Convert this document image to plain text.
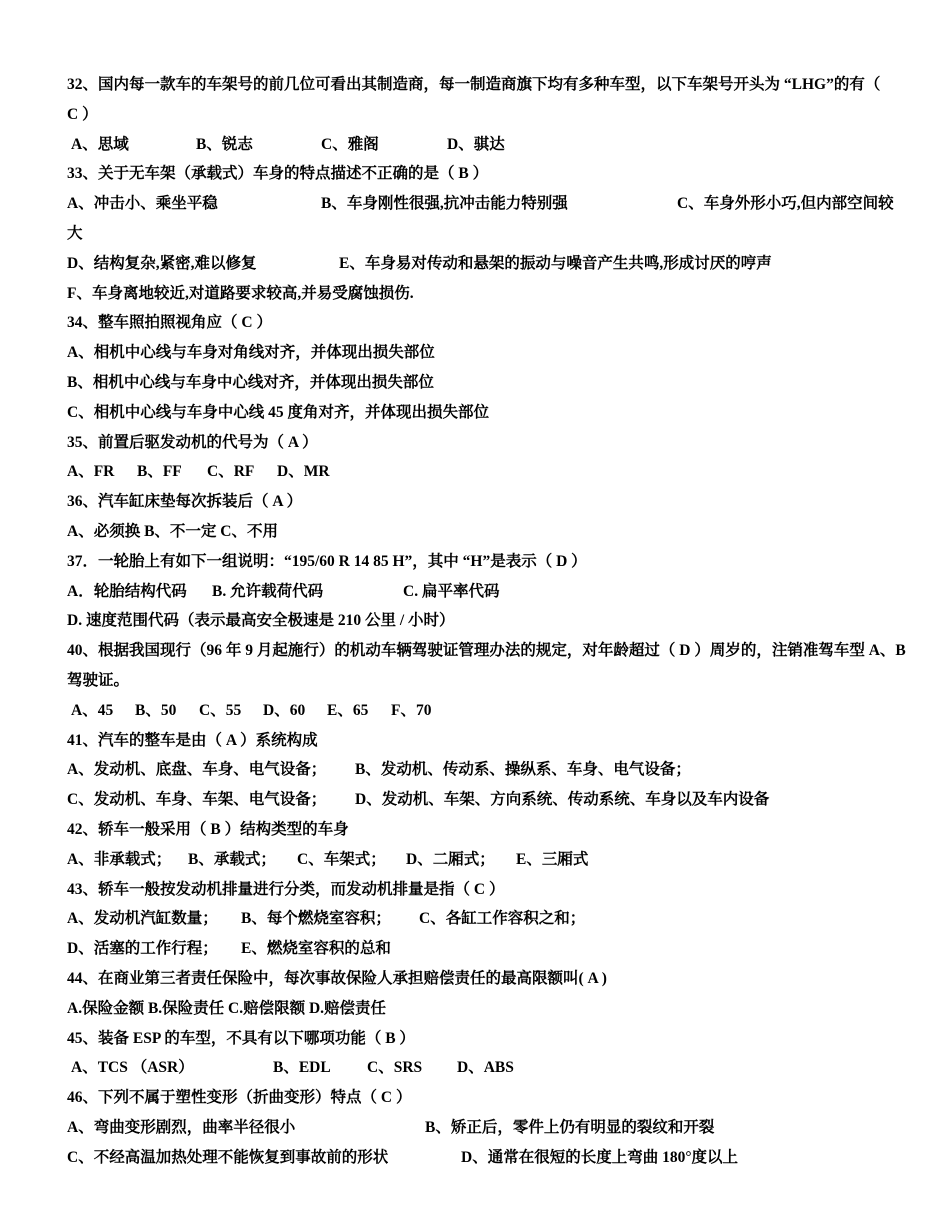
32、国内每一款车的车架号的前几位可看出其制造商，每一制造商旗下均有多种车型，以下车架号开头为 “LHG”的有（
C ）
A、思域	B、锐志	C、雅阁	D、骐达
33、关于无车架（承载式）车身的特点描述不正确的是（ B ）
A、冲击小、乘坐平稳	B、车身刚性很强,抗冲击能力特别强	C、车身外形小巧,但内部空间较
大
D、结构复杂,紧密,难以修复	E、车身易对传动和悬架的振动与噪音产生共鸣,形成讨厌的哼声
F、车身离地较近,对道路要求较高,并易受腐蚀损伤.
34、整车照拍照视角应（ C ）
A、相机中心线与车身对角线对齐，并体现出损失部位
B、相机中心线与车身中心线对齐，并体现出损失部位
C、相机中心线与车身中心线 45 度角对齐，并体现出损失部位
35、前置后驱发动机的代号为（ A ）
A、FR B、FF C、RF D、MR
36、汽车缸床垫每次拆装后（ A ）
A、必须换 B、不一定 C、不用
37．一轮胎上有如下一组说明：“195/60 R 14 85 H”，其中 “H”是表示（ D ）
A．轮胎结构代码 B. 允许载荷代码	C. 扁平率代码
D. 速度范围代码（表示最高安全极速是 210 公里 / 小时）
40、根据我国现行（96 年 9 月起施行）的机动车辆驾驶证管理办法的规定，对年龄超过（ D ）周岁的，注销准驾车型 A、B
驾驶证。
A、45 B、50 C、55 D、60 E、65 F、70
41、汽车的整车是由（ A ）系统构成
A、发动机、底盘、车身、电气设备； B、发动机、传动系、操纵系、车身、电气设备；
C、发动机、车身、车架、电气设备； D、发动机、车架、方向系统、传动系统、车身以及车内设备
42、轿车一般采用（ B ）结构类型的车身
A、非承载式； B、承载式； C、车架式； D、二厢式； E、三厢式
43、轿车一般按发动机排量进行分类，而发动机排量是指（ C ）
A、发动机汽缸数量； B、每个燃烧室容积； C、各缸工作容积之和；
D、活塞的工作行程； E、燃烧室容积的总和
44、在商业第三者责任保险中，每次事故保险人承担赔偿责任的最高限额叫( A )
A.保险金额 B.保险责任 C.赔偿限额 D.赔偿责任
45、装备 ESP 的车型，不具有以下哪项功能（ B ）
A、TCS （ASR）	B、EDL C、SRS D、ABS
46、下列不属于塑性变形（折曲变形）特点（ C ）
A、弯曲变形剧烈，曲率半径很小	B、矫正后，零件上仍有明显的裂纹和开裂
C、不经高温加热处理不能恢复到事故前的形状	D、通常在很短的长度上弯曲 180°度以上
